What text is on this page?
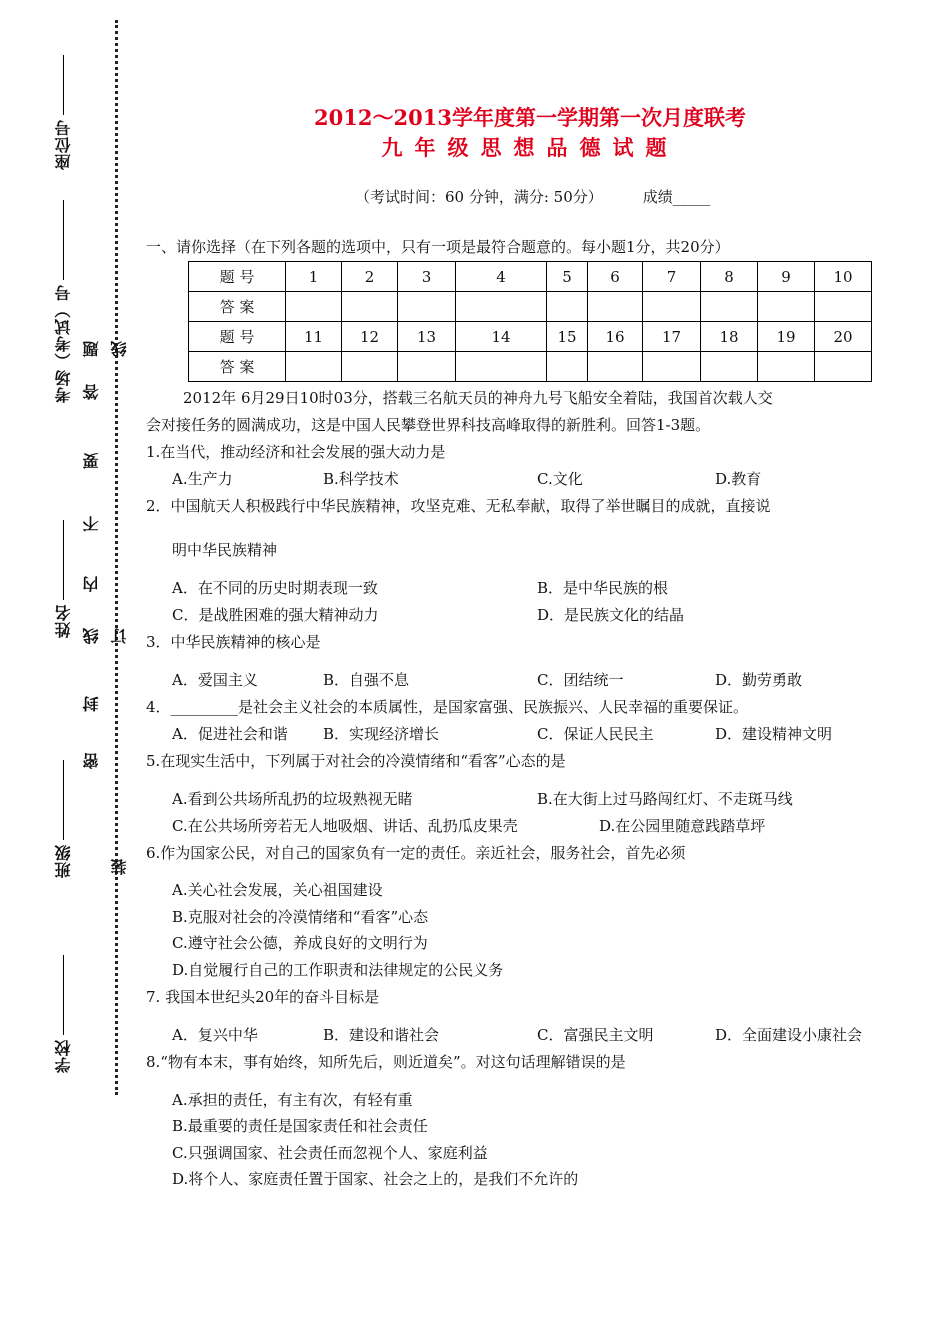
座位号
考场（考试）号
姓名
班级
学校
答
题
要
不
内
线
封
密
订
线
装
2012～2013学年度第一学期第一次月度联考
九年级思想品德试题
（考试时间：60 分钟，满分: 50分）	成绩_____
一、请你选择（在下列各题的选项中，只有一项是最符合题意的。每小题1分，共20分）
题 号	1	2	3	4	5	6	7	8	9	10
答 案										
题 号	11	12	13	14	15	16	17	18	19	20
答 案										
2012年 6月29日10时03分，搭载三名航天员的神舟九号飞船安全着陆，我国首次载人交
会对接任务的圆满成功，这是中国人民攀登世界科技高峰取得的新胜利。回答1-3题。
1.在当代，推动经济和社会发展的强大动力是
A.生产力	B.科学技术	C.文化	D.教育
2．中国航天人积极践行中华民族精神，攻坚克难、无私奉献，取得了举世瞩目的成就，直接说
明中华民族精神
A．在不同的历史时期表现一致	B．是中华民族的根
C．是战胜困难的强大精神动力	D．是民族文化的结晶
3．中华民族精神的核心是
A．爱国主义	B．自强不息	C．团结统一	D．勤劳勇敢
4．_________是社会主义社会的本质属性，是国家富强、民族振兴、人民幸福的重要保证。
A．促进社会和谐 B．实现经济增长	C．保证人民民主	D．建设精神文明
5.在现实生活中，下列属于对社会的冷漠情绪和“看客”心态的是
A.看到公共场所乱扔的垃圾熟视无睹	B.在大街上过马路闯红灯、不走斑马线
C.在公共场所旁若无人地吸烟、讲话、乱扔瓜皮果壳	D.在公园里随意践踏草坪
6.作为国家公民，对自己的国家负有一定的责任。亲近社会，服务社会，首先必须
A.关心社会发展，关心祖国建设
B.克服对社会的冷漠情绪和“看客”心态
C.遵守社会公德，养成良好的文明行为
D.自觉履行自己的工作职责和法律规定的公民义务
7. 我国本世纪头20年的奋斗目标是
A．复兴中华	B．建设和谐社会	C．富强民主文明	D．全面建设小康社会
8.“物有本末，事有始终，知所先后，则近道矣”。对这句话理解错误的是
A.承担的责任，有主有次，有轻有重
B.最重要的责任是国家责任和社会责任
C.只强调国家、社会责任而忽视个人、家庭利益
D.将个人、家庭责任置于国家、社会之上的，是我们不允许的
